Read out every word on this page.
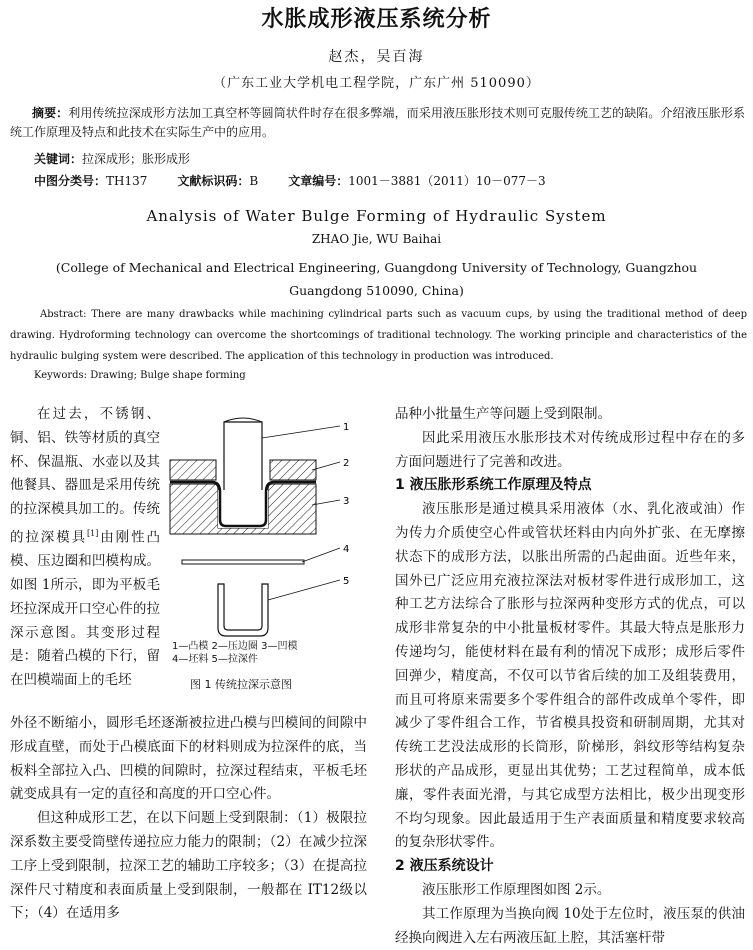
水胀成形液压系统分析
赵杰，吴百海
（广东工业大学机电工程学院，广东广州 510090）
摘要：利用传统拉深成形方法加工真空杯等圆筒状件时存在很多弊端，而采用液压胀形技术则可克服传统工艺的缺陷。介绍液压胀形系统工作原理及特点和此技术在实际生产中的应用。
关键词：拉深成形；胀形成形
中图分类号：TH137	文献标识码：B	文章编号：1001－3881（2011）10－077－3
Analysis of Water Bulge Forming of Hydraulic System
ZHAO Jie, WU Baihai
(College of Mechanical and Electrical Engineering, Guangdong University of Technology, Guangzhou Guangdong 510090, China)
Abstract: There are many drawbacks while machining cylindrical parts such as vacuum cups, by using the traditional method of deep drawing. Hydroforming technology can overcome the shortcomings of traditional technology. The working principle and characteristics of the hydraulic bulging system were described. The application of this technology in production was introduced.
Keywords: Drawing; Bulge shape forming

在过去，不锈钢、铜、铝、铁等材质的真空杯、保温瓶、水壶以及其他餐具、器皿是采用传统的拉深模具加工的。传统的拉深模具[1]由刚性凸模、压边圈和凹模构成。如图 1所示，即为平板毛坯拉深成开口空心件的拉深示意图。其变形过程是：随着凸模的下行，留在凹模端面上的毛坯

1
2
3
4
5
1—凸模 2—压边圈 3—凹模
4—坯料 5—拉深件
图 1 传统拉深示意图

外径不断缩小，圆形毛坯逐渐被拉进凸模与凹模间的间隙中形成直壁，而处于凸模底面下的材料则成为拉深件的底，当板料全部拉入凸、凹模的间隙时，拉深过程结束，平板毛坯就变成具有一定的直径和高度的开口空心件。

但这种成形工艺，在以下问题上受到限制：（1）极限拉深系数主要受筒壁传递拉应力能力的限制；（2）在减少拉深工序上受到限制，拉深工艺的辅助工序较多；（3）在提高拉深件尺寸精度和表面质量上受到限制，一般都在 IT12级以下；（4）在适用多

品种小批量生产等问题上受到限制。

因此采用液压水胀形技术对传统成形过程中存在的多方面问题进行了完善和改进。

1 液压胀形系统工作原理及特点

液压胀形是通过模具采用液体（水、乳化液或油）作为传力介质使空心件或管状坯料由内向外扩张、在无摩擦状态下的成形方法，以胀出所需的凸起曲面。近些年来，国外已广泛应用充液拉深法对板材零件进行成形加工，这种工艺方法综合了胀形与拉深两种变形方式的优点，可以成形非常复杂的中小批量板材零件。其最大特点是胀形力传递均匀，能使材料在最有利的情况下成形；成形后零件回弹少，精度高，不仅可以节省后续的加工及组装费用，而且可将原来需要多个零件组合的部件改成单个零件，即减少了零件组合工作，节省模具投资和研制周期，尤其对传统工艺没法成形的长筒形，阶梯形，斜纹形等结构复杂形状的产品成形，更显出其优势；工艺过程简单，成本低廉，零件表面光滑，与其它成型方法相比，极少出现变形不均匀现象。因此最适用于生产表面质量和精度要求较高的复杂形状零件。

2 液压系统设计

液压胀形工作原理图如图 2示。

其工作原理为当换向阀 10处于左位时，液压泵的供油经换向阀进入左右两液压缸上腔，其活塞杆带
